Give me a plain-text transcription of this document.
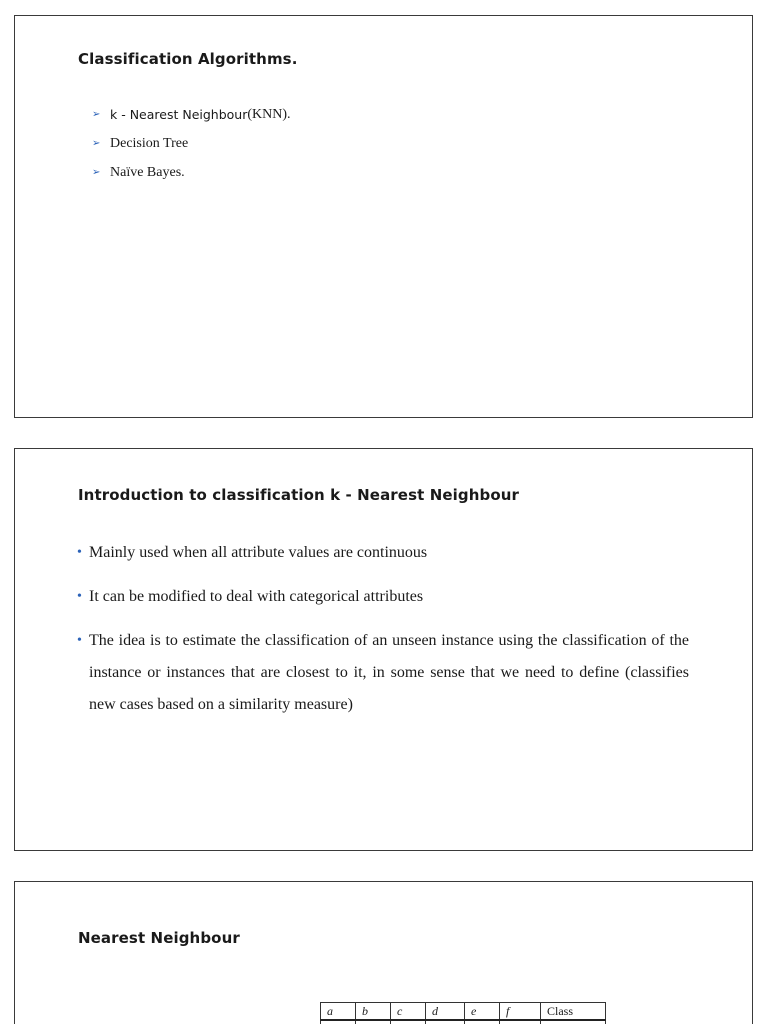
Classification Algorithms.
➢ k - Nearest Neighbour (KNN).
➢ Decision Tree
➢ Naïve Bayes.
Introduction to classification k - Nearest Neighbour
• Mainly used when all attribute values are continuous
• It can be modified to deal with categorical attributes
• The idea is to estimate the classification of an unseen instance using the classification of the instance or instances that are closest to it, in some sense that we need to define (classifies new cases based on a similarity measure)
Nearest Neighbour
a	b	c	d	e	f	Class
